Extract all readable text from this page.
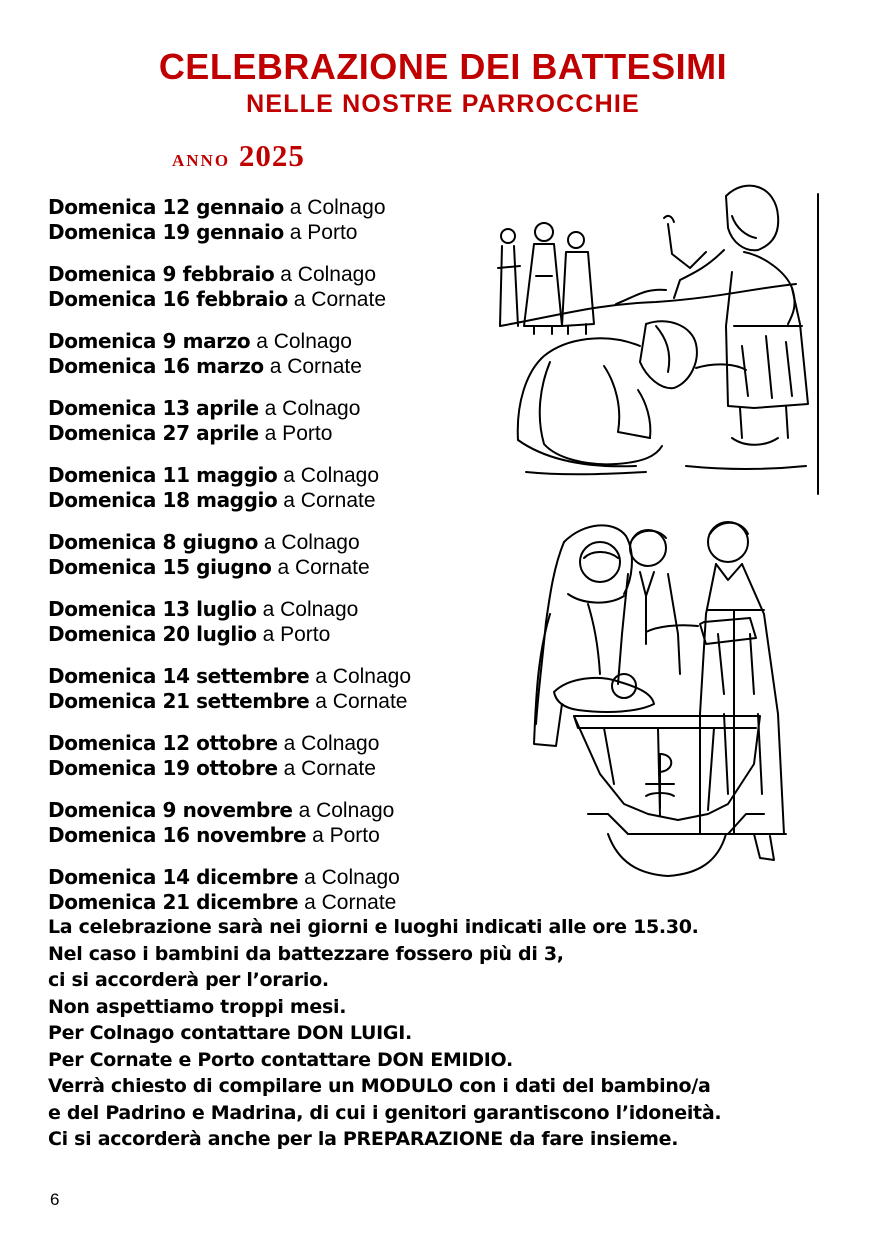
CELEBRAZIONE DEI BATTESIMI
NELLE NOSTRE PARROCCHIE
anno 2025
Domenica 12 gennaio a Colnago
Domenica 19 gennaio a Porto
Domenica 9 febbraio a Colnago
Domenica 16 febbraio a Cornate
Domenica 9 marzo a Colnago
Domenica 16 marzo a Cornate
Domenica 13 aprile a Colnago
Domenica 27 aprile a Porto
Domenica 11 maggio a Colnago
Domenica 18 maggio a Cornate
Domenica 8 giugno a Colnago
Domenica 15 giugno a Cornate
Domenica 13 luglio a Colnago
Domenica 20 luglio a Porto
Domenica 14 settembre a Colnago
Domenica 21 settembre a Cornate
Domenica 12 ottobre a Colnago
Domenica 19 ottobre a Cornate
Domenica 9 novembre a Colnago
Domenica 16 novembre a Porto
Domenica 14 dicembre a Colnago
Domenica 21 dicembre a Cornate
La celebrazione sarà nei giorni e luoghi indicati alle ore 15.30.
Nel caso i bambini da battezzare fossero più di 3,
ci si accorderà per l’orario.
Non aspettiamo troppi mesi.
Per Colnago contattare DON LUIGI.
Per Cornate e Porto contattare DON EMIDIO.
Verrà chiesto di compilare un MODULO con i dati del bambino/a
e del Padrino e Madrina, di cui i genitori garantiscono l’idoneità.
Ci si accorderà anche per la PREPARAZIONE da fare insieme.
6
